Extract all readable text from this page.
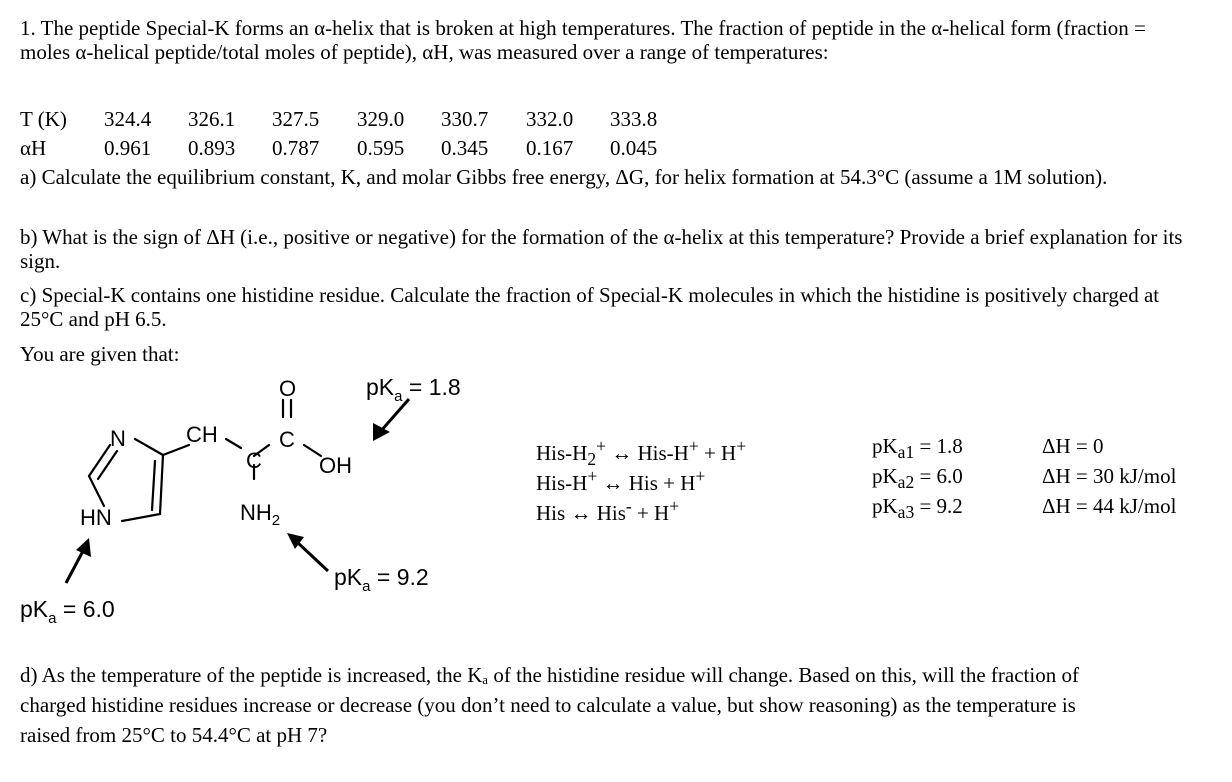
1. The peptide Special-K forms an α-helix that is broken at high temperatures. The fraction of peptide in the α-helical form (fraction = moles α-helical peptide/total moles of peptide), αH, was measured over a range of temperatures:

T (K) 324.4 326.1 327.5 329.0 330.7 332.0 333.8
αH	0.961 0.893 0.787 0.595 0.345 0.167 0.045

a) Calculate the equilibrium constant, K, and molar Gibbs free energy, ΔG, for helix formation at 54.3°C (assume a 1M solution).

b) What is the sign of ΔH (i.e., positive or negative) for the formation of the α-helix at this temperature? Provide a brief explanation for its sign.

c) Special-K contains one histidine residue. Calculate the fraction of Special-K molecules in which the histidine is positively charged at 25°C and pH 6.5.

You are given that:

N
HN
CH
C
C
O
OH
$NH_2$
$pK_a = 1.8$
$pK_a = 9.2$
$pK_a = 6.0$
His-$H_2^+$ ↔ His-H+ + H+	$pK_{a1} = 1.8$	ΔH = 0
His-H+ ↔ His + H+	$pK_{a2} = 6.0$	ΔH = 30 kJ/mol
His ↔ His- + H+	$pK_{a3} = 9.2$	ΔH = 44 kJ/mol

d) As the temperature of the peptide is increased, the Kₐ of the histidine residue will change. Based on this, will the fraction of charged histidine residues increase or decrease (you don’t need to calculate a value, but show reasoning) as the temperature is raised from 25°C to 54.4°C at pH 7?
